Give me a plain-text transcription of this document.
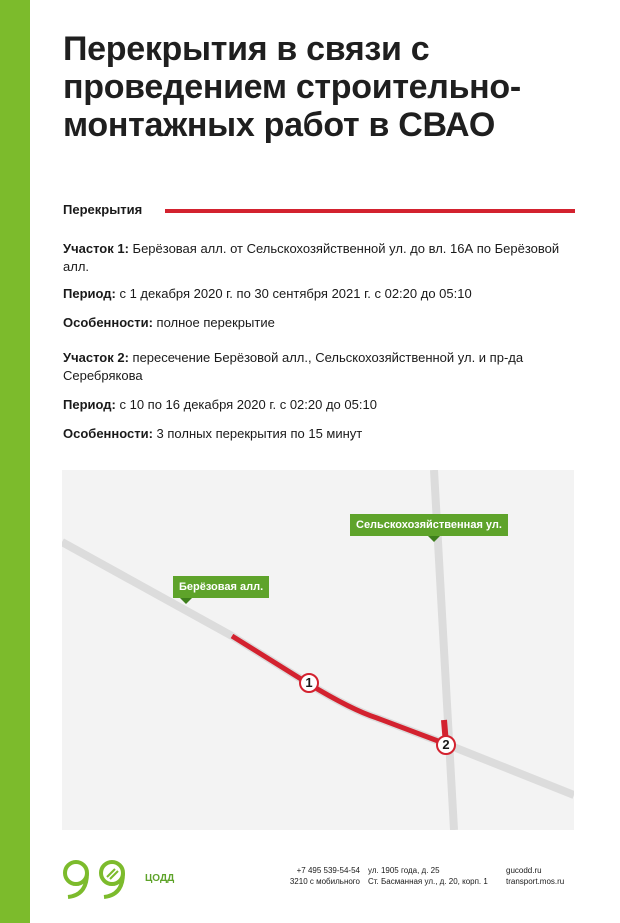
Перекрытия в связи с проведением строительно-монтажных работ в СВАО
Перекрытия

Участок 1: Берёзовая алл. от Сельскохозяйственной ул. до вл. 16А по Берёзовой алл.

Период: с 1 декабря 2020 г. по 30 сентября 2021 г. с 02:20 до 05:10

Особенности: полное перекрытие

Участок 2: пересечение Берёзовой алл., Сельскохозяйственной ул. и пр-да Серебрякова

Период: с 10 по 16 декабря 2020 г. с 02:20 до 05:10

Особенности: 3 полных перекрытия по 15 минут

Берёзовая алл.
Сельскохозяйственная ул.
1
2
ЦОДД
+7 495 539-54-54
3210 с мобильного
ул. 1905 года, д. 25
Ст. Басманная ул., д. 20, корп. 1
gucodd.ru
transport.mos.ru
